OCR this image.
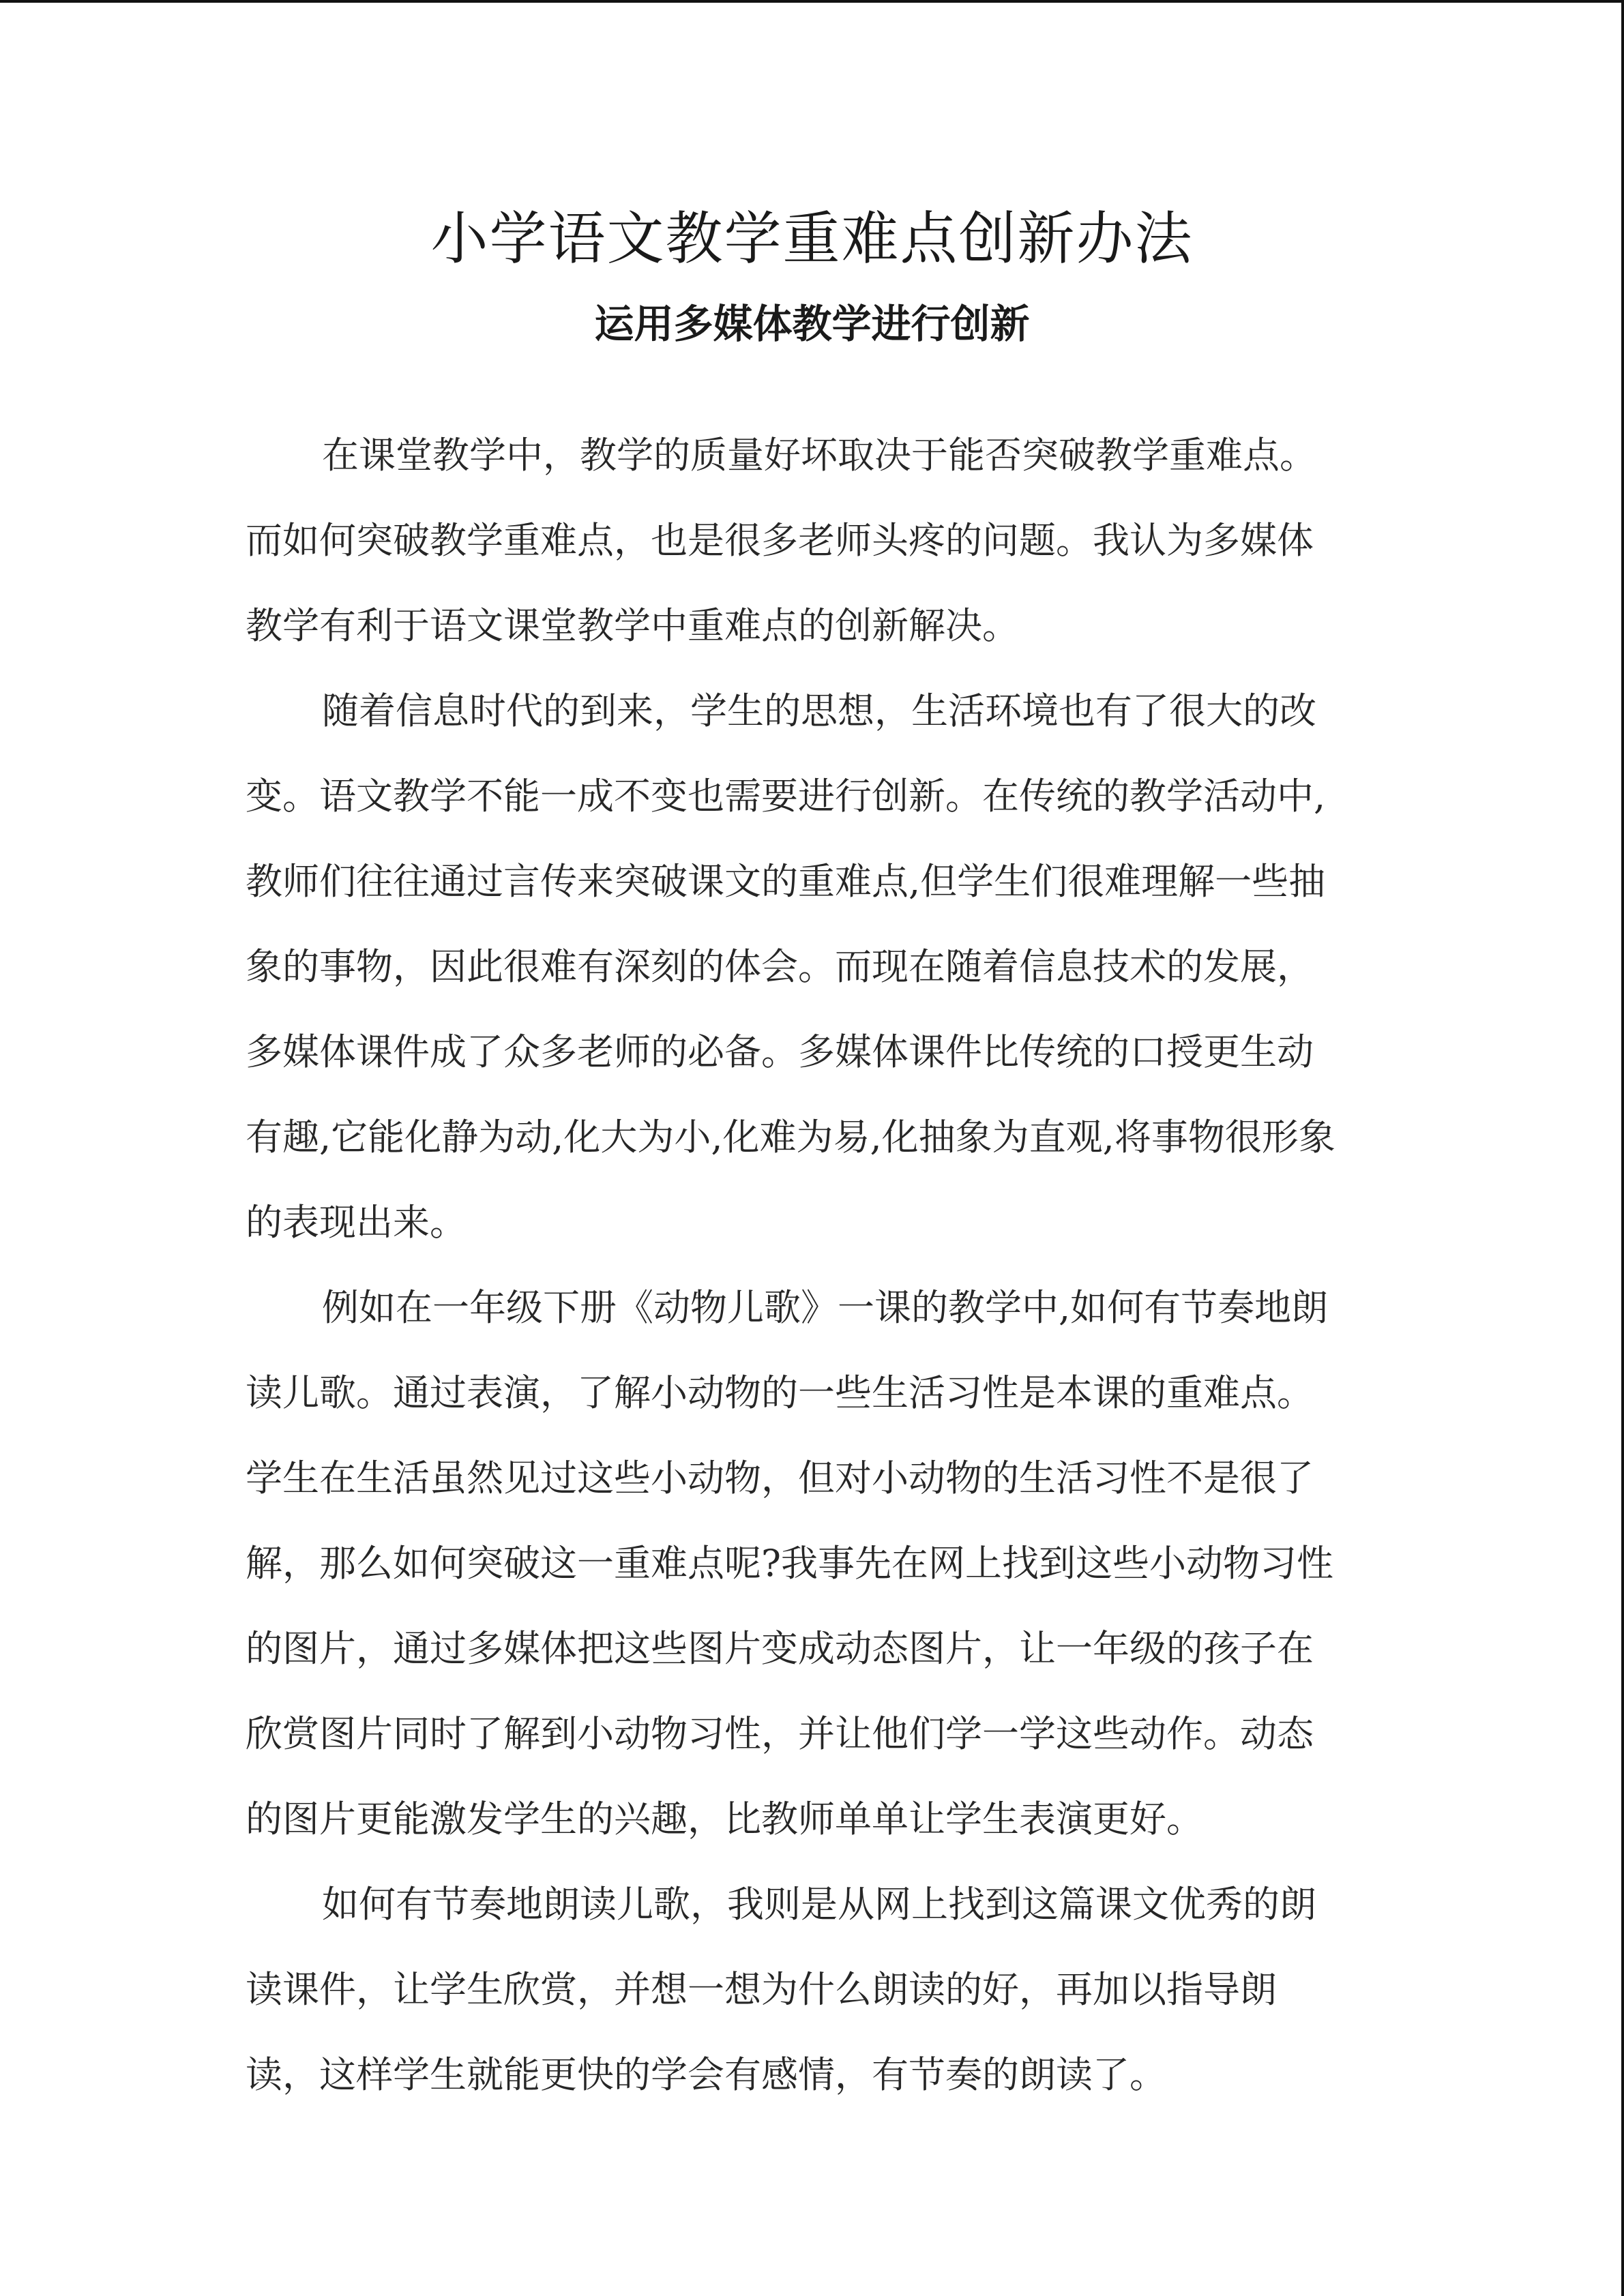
小学语文教学重难点创新办法
运用多媒体教学进行创新
在课堂教学中，教学的质量好坏取决于能否突破教学重难点。
而如何突破教学重难点，也是很多老师头疼的问题。我认为多媒体
教学有利于语文课堂教学中重难点的创新解决。
随着信息时代的到来，学生的思想，生活环境也有了很大的改
变。语文教学不能一成不变也需要进行创新。在传统的教学活动中,
教师们往往通过言传来突破课文的重难点,但学生们很难理解一些抽
象的事物，因此很难有深刻的体会。而现在随着信息技术的发展，
多媒体课件成了众多老师的必备。多媒体课件比传统的口授更生动
有趣,它能化静为动,化大为小,化难为易,化抽象为直观,将事物很形象
的表现出来。
例如在一年级下册《动物儿歌》一课的教学中,如何有节奏地朗
读儿歌。通过表演，了解小动物的一些生活习性是本课的重难点。
学生在生活虽然见过这些小动物，但对小动物的生活习性不是很了
解，那么如何突破这一重难点呢?我事先在网上找到这些小动物习性
的图片，通过多媒体把这些图片变成动态图片，让一年级的孩子在
欣赏图片同时了解到小动物习性，并让他们学一学这些动作。动态
的图片更能激发学生的兴趣，比教师单单让学生表演更好。
如何有节奏地朗读儿歌，我则是从网上找到这篇课文优秀的朗
读课件，让学生欣赏，并想一想为什么朗读的好，再加以指导朗
读，这样学生就能更快的学会有感情，有节奏的朗读了。
